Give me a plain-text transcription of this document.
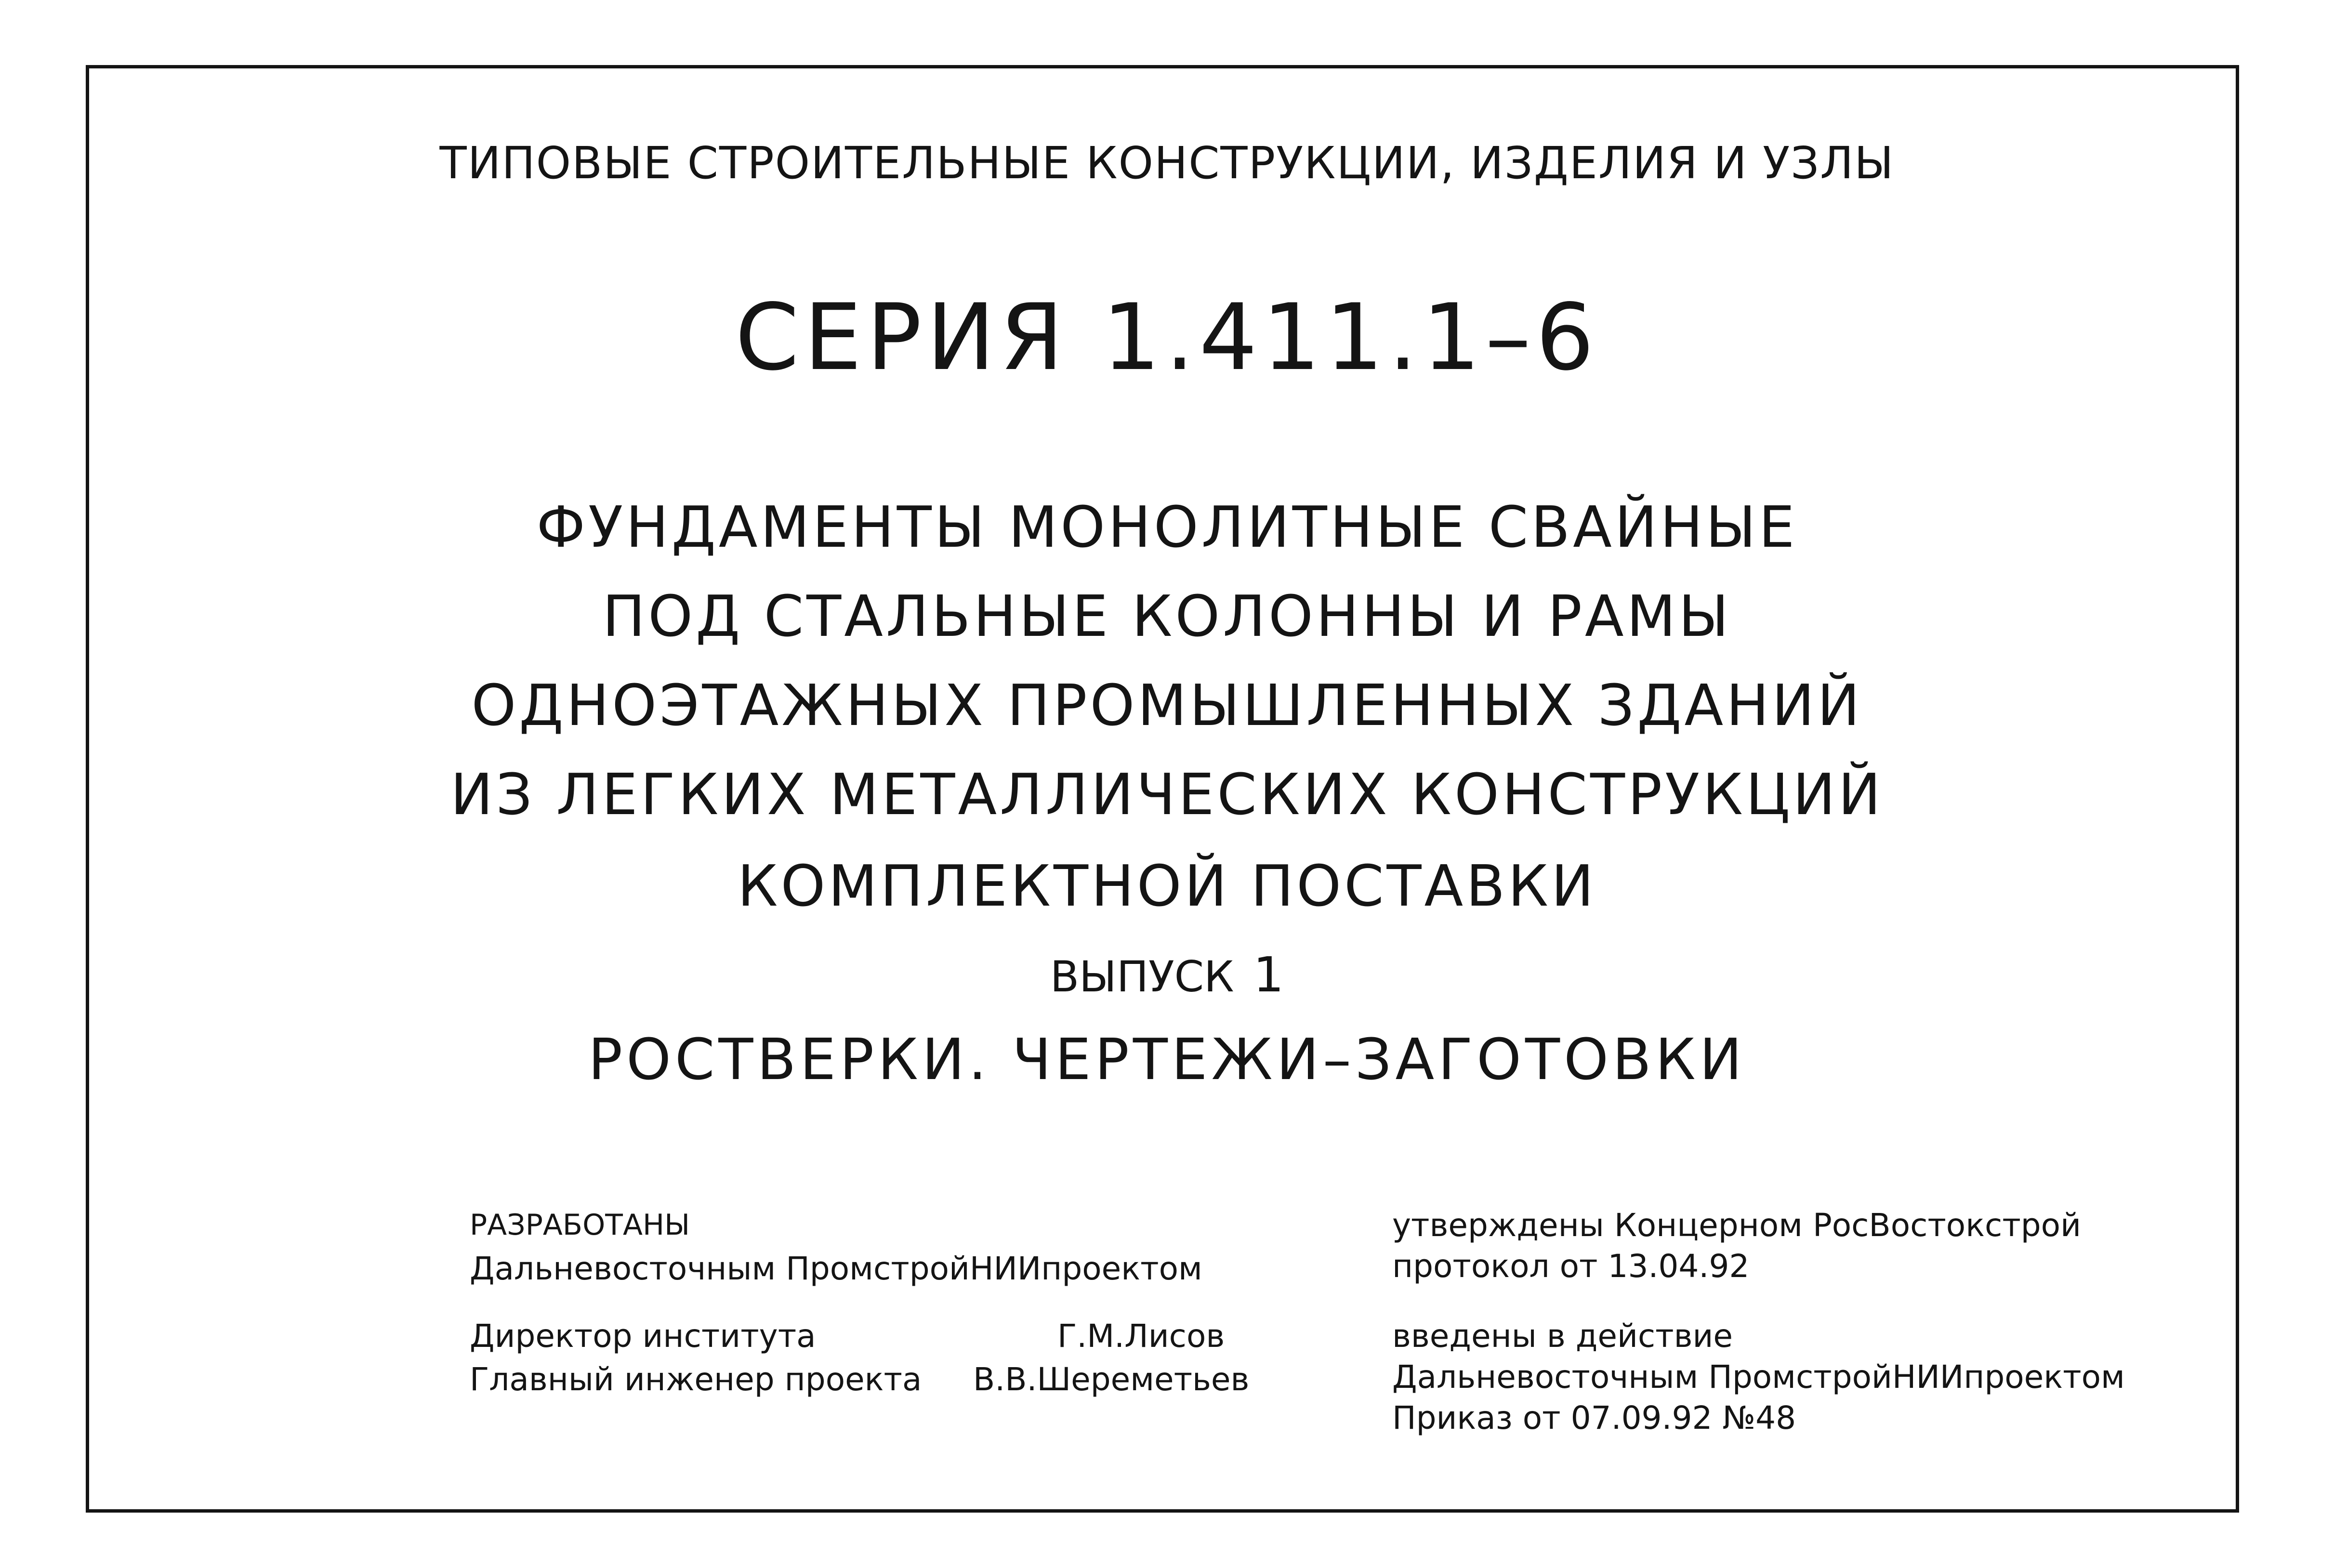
ТИПОВЫЕ СТРОИТЕЛЬНЫЕ КОНСТРУКЦИИ, ИЗДЕЛИЯ И УЗЛЫ
СЕРИЯ 1.411.1–6
ФУНДАМЕНТЫ МОНОЛИТНЫЕ СВАЙНЫЕ
ПОД СТАЛЬНЫЕ КОЛОННЫ И РАМЫ
ОДНОЭТАЖНЫХ ПРОМЫШЛЕННЫХ ЗДАНИЙ
ИЗ ЛЕГКИХ МЕТАЛЛИЧЕСКИХ КОНСТРУКЦИЙ
КОМПЛЕКТНОЙ ПОСТАВКИ
ВЫПУСК 1
РОСТВЕРКИ. ЧЕРТЕЖИ–ЗАГОТОВКИ
РАЗРАБОТАНЫ
Дальневосточным ПромстройНИИпроектом
Директор института	Г.М.Лисов
Главный инженер проекта В.В.Шереметьев
утверждены Концерном РосВостокстрой
протокол от 13.04.92
введены в действие
Дальневосточным ПромстройНИИпроектом
Приказ от 07.09.92 №48
